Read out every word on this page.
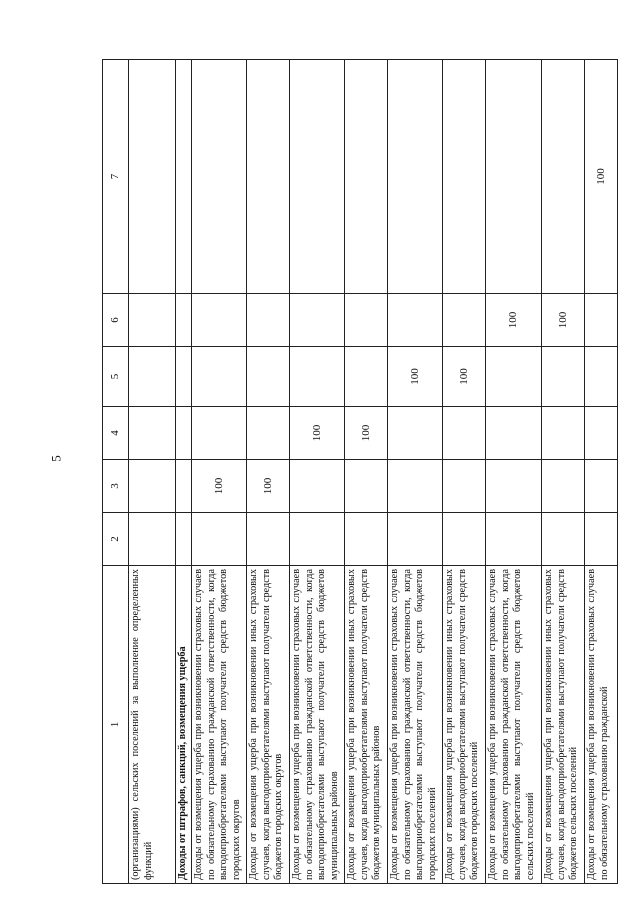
5
1	2	3	4	5	6	7
(организациями) сельских поселений за выполнение определенных функций						
Доходы от штрафов, санкций, возмещения ущерба						
Доходы от возмещения ущерба при возникновении страховых случаев по обязательному страхованию гражданской ответственности, когда выгодоприобретателями выступают получатели средств бюджетов городских округов		100				
Доходы от возмещения ущерба при возникновении иных страховых случаев, когда выгодоприобретателями выступают получатели средств бюджетов городских округов		100				
Доходы от возмещения ущерба при возникновении страховых случаев по обязательному страхованию гражданской ответственности, когда выгодоприобретателями выступают получатели средств бюджетов муниципальных районов			100			
Доходы от возмещения ущерба при возникновении иных страховых случаев, когда выгодоприобретателями выступают получатели средств бюджетов муниципальных районов			100			
Доходы от возмещения ущерба при возникновении страховых случаев по обязательному страхованию гражданской ответственности, когда выгодоприобретателями выступают получатели средств бюджетов городских поселений				100		
Доходы от возмещения ущерба при возникновении иных страховых случаев, когда выгодоприобретателями выступают получатели средств бюджетов городских поселений				100		
Доходы от возмещения ущерба при возникновении страховых случаев по обязательному страхованию гражданской ответственности, когда выгодоприобретателями выступают получатели средств бюджетов сельских поселений					100	
Доходы от возмещения ущерба при возникновении иных страховых случаев, когда выгодоприобретателями выступают получатели средств бюджетов сельских поселений					100	
Доходы от возмещения ущерба при возникновении страховых случаев по обязательному страхованию гражданской						100
